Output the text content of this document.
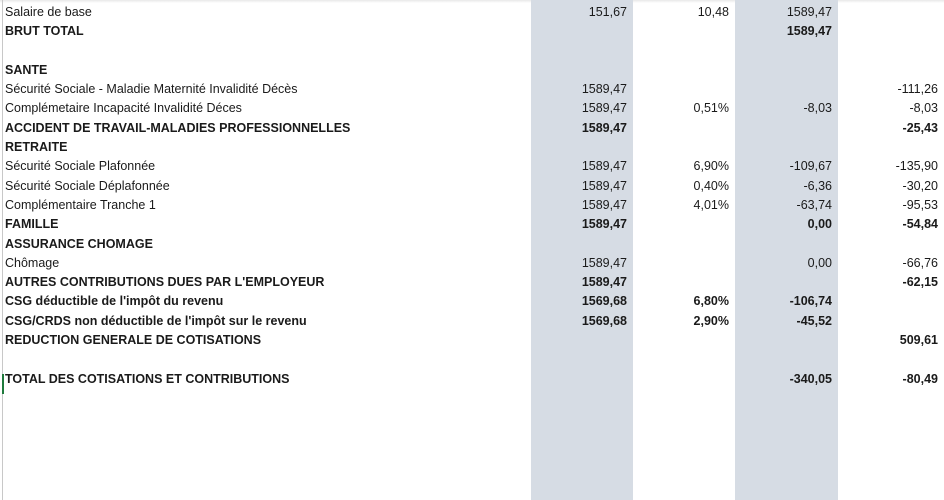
Salaire de base	151,67	10,48	1589,47	
BRUT TOTAL			1589,47	

SANTE				
Sécurité Sociale - Maladie Maternité Invalidité Décès	1589,47			-111,26
Complémetaire Incapacité Invalidité Déces	1589,47	0,51%	-8,03	-8,03
ACCIDENT DE TRAVAIL-MALADIES PROFESSIONNELLES	1589,47			-25,43
RETRAITE				
Sécurité Sociale Plafonnée	1589,47	6,90%	-109,67	-135,90
Sécurité Sociale Déplafonnée	1589,47	0,40%	-6,36	-30,20
Complémentaire Tranche 1	1589,47	4,01%	-63,74	-95,53
FAMILLE	1589,47		0,00	-54,84
ASSURANCE CHOMAGE				
Chômage	1589,47		0,00	-66,76
AUTRES CONTRIBUTIONS DUES PAR L'EMPLOYEUR	1589,47			-62,15
CSG déductible de l'impôt du revenu	1569,68	6,80%	-106,74	
CSG/CRDS non déductible de l'impôt sur le revenu	1569,68	2,90%	-45,52	
REDUCTION GENERALE DE COTISATIONS				509,61

TOTAL DES COTISATIONS ET CONTRIBUTIONS			-340,05	-80,49
